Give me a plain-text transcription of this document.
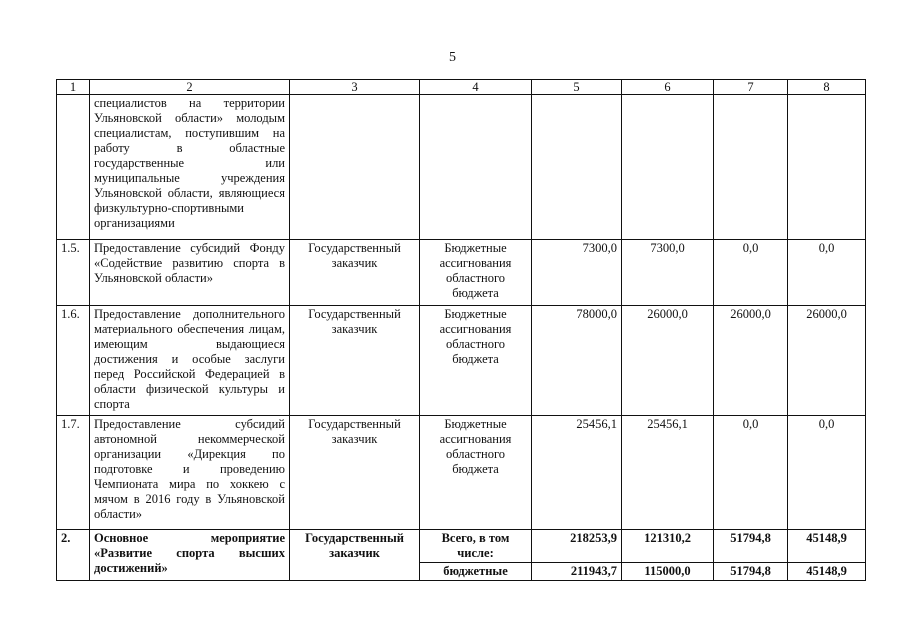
5
1	2	3	4	5	6	7	8
	специалистов на территории Ульяновской области» молодым специалистам, поступившим на работу в областные государственные или муниципальные учреждения Ульяновской области, являющиеся физкультурно-спортивными организациями						
1.5.	Предоставление субсидий Фонду «Содействие развитию спорта в Ульяновской области»	Государственный заказчик	Бюджетные ассигнования областного бюджета	7300,0	7300,0	0,0	0,0
1.6.	Предоставление дополнительного материального обеспечения лицам, имеющим выдающиеся достижения и особые заслуги перед Российской Федерацией в области физической культуры и спорта	Государственный заказчик	Бюджетные ассигнования областного бюджета	78000,0	26000,0	26000,0	26000,0
1.7.	Предоставление субсидий автономной некоммерческой организации «Дирекция по подготовке и проведению Чемпионата мира по хоккею с мячом в 2016 году в Ульяновской области»	Государственный заказчик	Бюджетные ассигнования областного бюджета	25456,1	25456,1	0,0	0,0
2.	Основное мероприятие «Развитие спорта высших достижений»	Государственный заказчик	Всего, в том числе:	218253,9	121310,2	51794,8	45148,9
			бюджетные	211943,7	115000,0	51794,8	45148,9
